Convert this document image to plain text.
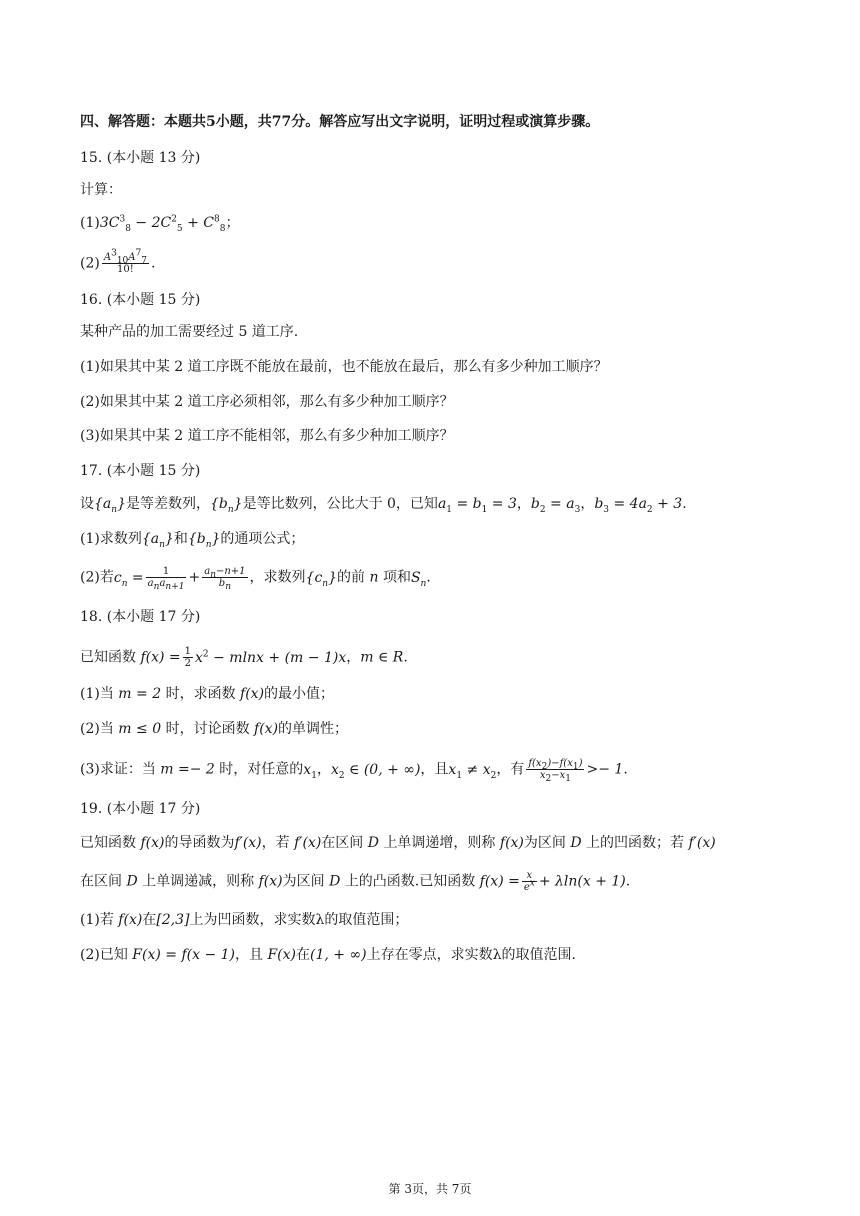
四、解答题：本题共5小题，共77分。解答应写出文字说明，证明过程或演算步骤。
15. (本小题 13 分)
计算：
$(1)3C^3_8 - 2C^2_5 + C^8_8$；
$(2) \frac{A^3_{10}A^7_7}{10!}$ .
16. (本小题 15 分)
某种产品的加工需要经过 5 道工序.
(1)如果其中某 2 道工序既不能放在最前，也不能放在最后，那么有多少种加工顺序？
(2)如果其中某 2 道工序必须相邻，那么有多少种加工顺序？
(3)如果其中某 2 道工序不能相邻，那么有多少种加工顺序？
17. (本小题 15 分)
设$\{a_n\}$是等差数列，$\{b_n\}$是等比数列，公比大于 0，已知$a_1 = b_1 = 3$，$b_2 = a_3$，$b_3 = 4a_2 + 3$.
(1)求数列$\{a_n\}$和$\{b_n\}$的通项公式；
(2)若$c_n = \frac{1}{a_na_{n+1}} + \frac{a_n-n+1}{b_n}$ ，求数列$\{c_n\}$的前 n 项和$S_n$.
18. (本小题 17 分)
已知函数 $f(x) = \frac{1}{2} x^2 - mlnx + (m - 1)x$，m ∈ R.
(1)当 m = 2 时，求函数 f(x)的最小值；
(2)当 m ≤ 0 时，讨论函数 f(x)的单调性；
(3)求证：当 m =− 2 时，对任意的$x_1$，$x_2$ ∈ (0, + ∞)，且$x_1 \ne x_2$，有 $\frac{f(x_2)-f(x_1)}{x_2-x_1} >- 1$.
19. (本小题 17 分)
已知函数 f(x)的导函数为f′(x)，若 f′(x)在区间 D 上单调递增，则称 f(x)为区间 D 上的凹函数；若 f′(x)
在区间 D 上单调递减，则称 f(x)为区间 D 上的凸函数.已知函数 $f(x) = \frac{x}{e^x} + \lambda\ln(x + 1)$.
(1)若 f(x)在[2,3]上为凹函数，求实数λ的取值范围；
(2)已知 F(x) = f(x − 1)，且 F(x)在(1, + ∞)上存在零点，求实数λ的取值范围.
第 3页，共 7页
